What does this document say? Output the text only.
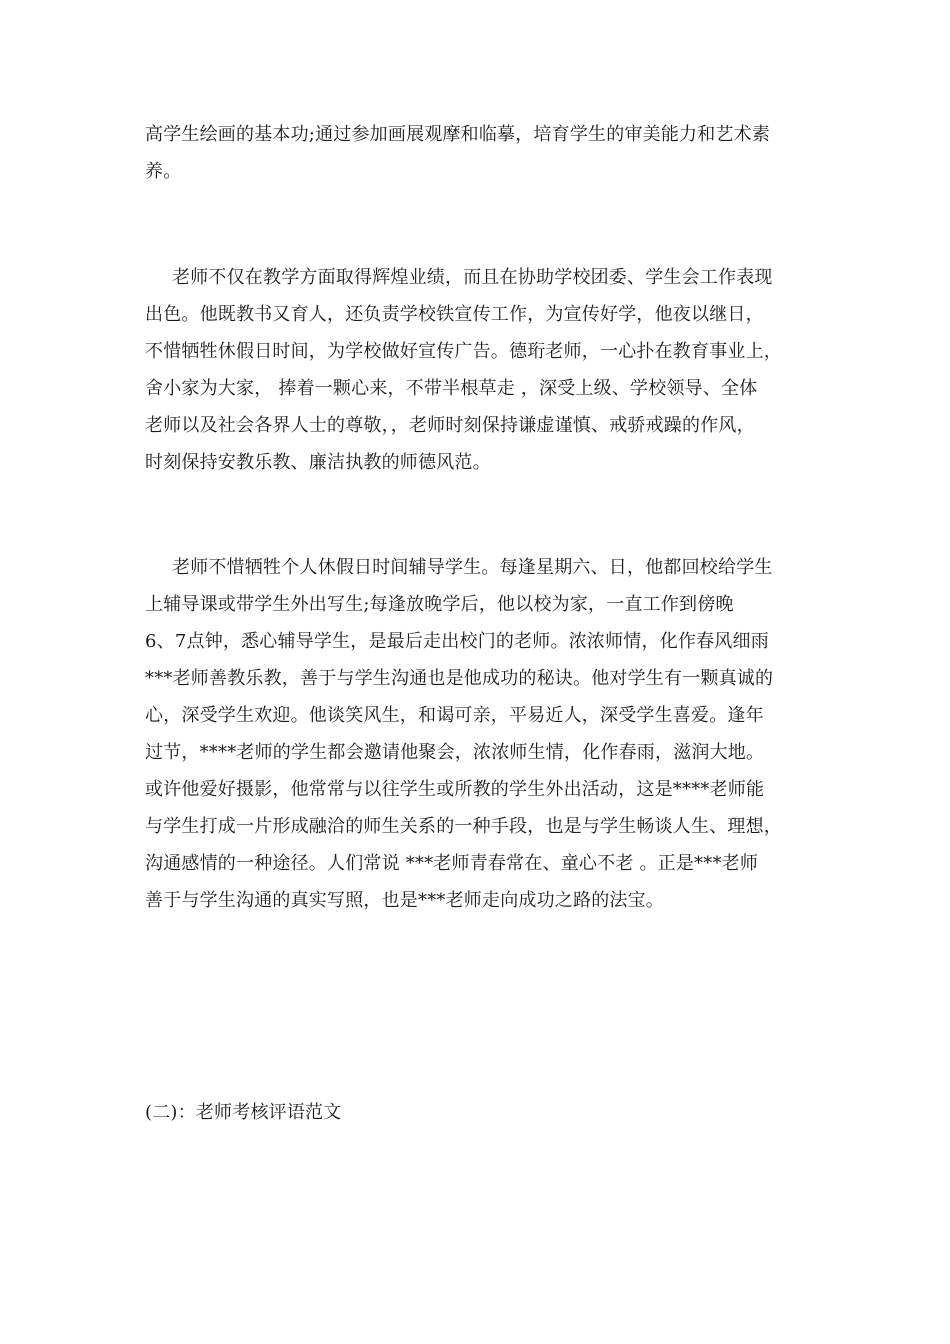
高学生绘画的基本功;通过参加画展观摩和临摹，培育学生的审美能力和艺术素
养。
老师不仅在教学方面取得辉煌业绩，而且在协助学校团委、学生会工作表现
出色。他既教书又育人，还负责学校铁宣传工作，为宣传好学，他夜以继日，
不惜牺牲休假日时间，为学校做好宣传广告。德珩老师，一心扑在教育事业上，
舍小家为大家， 捧着一颗心来，不带半根草走 ，深受上级、学校领导、全体
老师以及社会各界人士的尊敬，，老师时刻保持谦虚谨慎、戒骄戒躁的作风，
时刻保持安教乐教、廉洁执教的师德风范。
老师不惜牺牲个人休假日时间辅导学生。每逢星期六、日，他都回校给学生
上辅导课或带学生外出写生;每逢放晚学后，他以校为家，一直工作到傍晚
6、7点钟，悉心辅导学生，是最后走出校门的老师。浓浓师情，化作春风细雨
***老师善教乐教，善于与学生沟通也是他成功的秘诀。他对学生有一颗真诚的
心，深受学生欢迎。他谈笑风生，和谒可亲，平易近人，深受学生喜爱。逢年
过节，****老师的学生都会邀请他聚会，浓浓师生情，化作春雨，滋润大地。
或许他爱好摄影，他常常与以往学生或所教的学生外出活动，这是****老师能
与学生打成一片形成融洽的师生关系的一种手段，也是与学生畅谈人生、理想，
沟通感情的一种途径。人们常说 ***老师青春常在、童心不老 。正是***老师
善于与学生沟通的真实写照，也是***老师走向成功之路的法宝。
(二)：老师考核评语范文
